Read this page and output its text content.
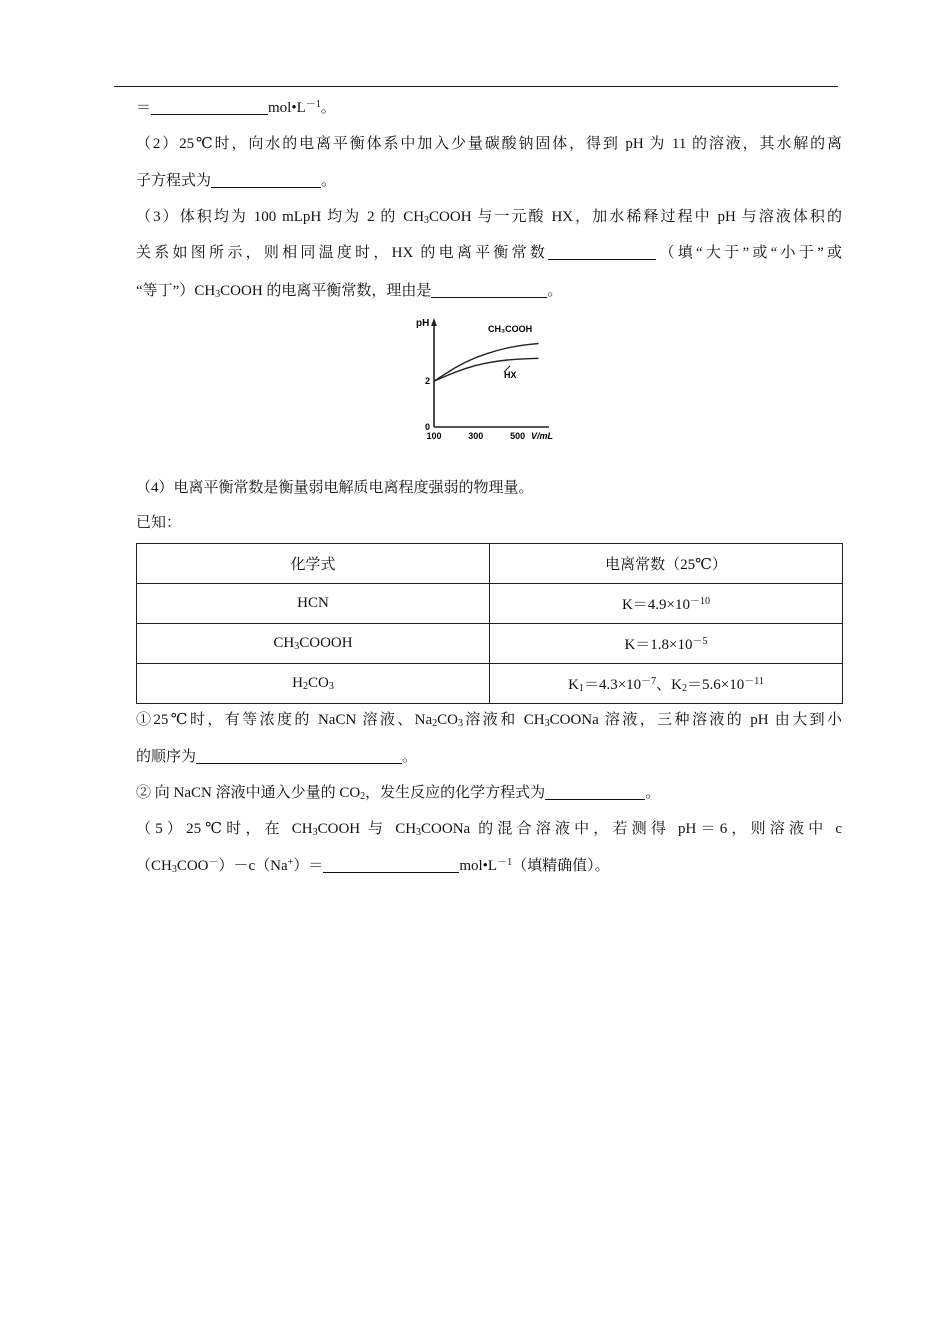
＝	$mol•L^{-1}$。
（2）25℃时，向水的电离平衡体系中加入少量碳酸钠固体，得到 pH 为 11 的溶液，其水解的离
子方程式为	。
（3）体积均为 100 mLpH 均为 2 的 $CH_3COOH$ 与一元酸 HX，加水稀释过程中 pH 与溶液体积的
关系如图所示，则相同温度时，HX 的电离平衡常数	（填“大于”或“小于”或
“等丁$”)CH_3COOH$ 的电离平衡常数，理由是	。
pH
V/mL
0
2
100	300	500
CH₃COOH
HX
（4）电离平衡常数是衡量弱电解质电离程度强弱的物理量。
已知：
化学式	电离常数（25℃）
HCN	$K=4.9\times 10^{-10}$
$CH_3COOOH$	$K=1.8\times 10^{-5}$
$H_2CO_3$	$K_1=4.3\times 10^{-7}$、$K_2=5.6\times 10^{-11}$
①25℃时，有等浓度的 NaCN 溶液、$Na_2CO_3$溶液和 $CH_3COONa$ 溶液，三种溶液的 pH 由大到小
的顺序为	。
② 向 NaCN 溶液中通入少量的 $CO_2$，发生反应的化学方程式为	。
（5）25℃时，在 $CH_3COOH$ 与 $CH_3COONa$ 的混合溶液中，若测得 pH＝6，则溶液中 c
$(CH_3COO^-)-c(Na^+)=$	$mol•L^{-1}$（填精确值）。
